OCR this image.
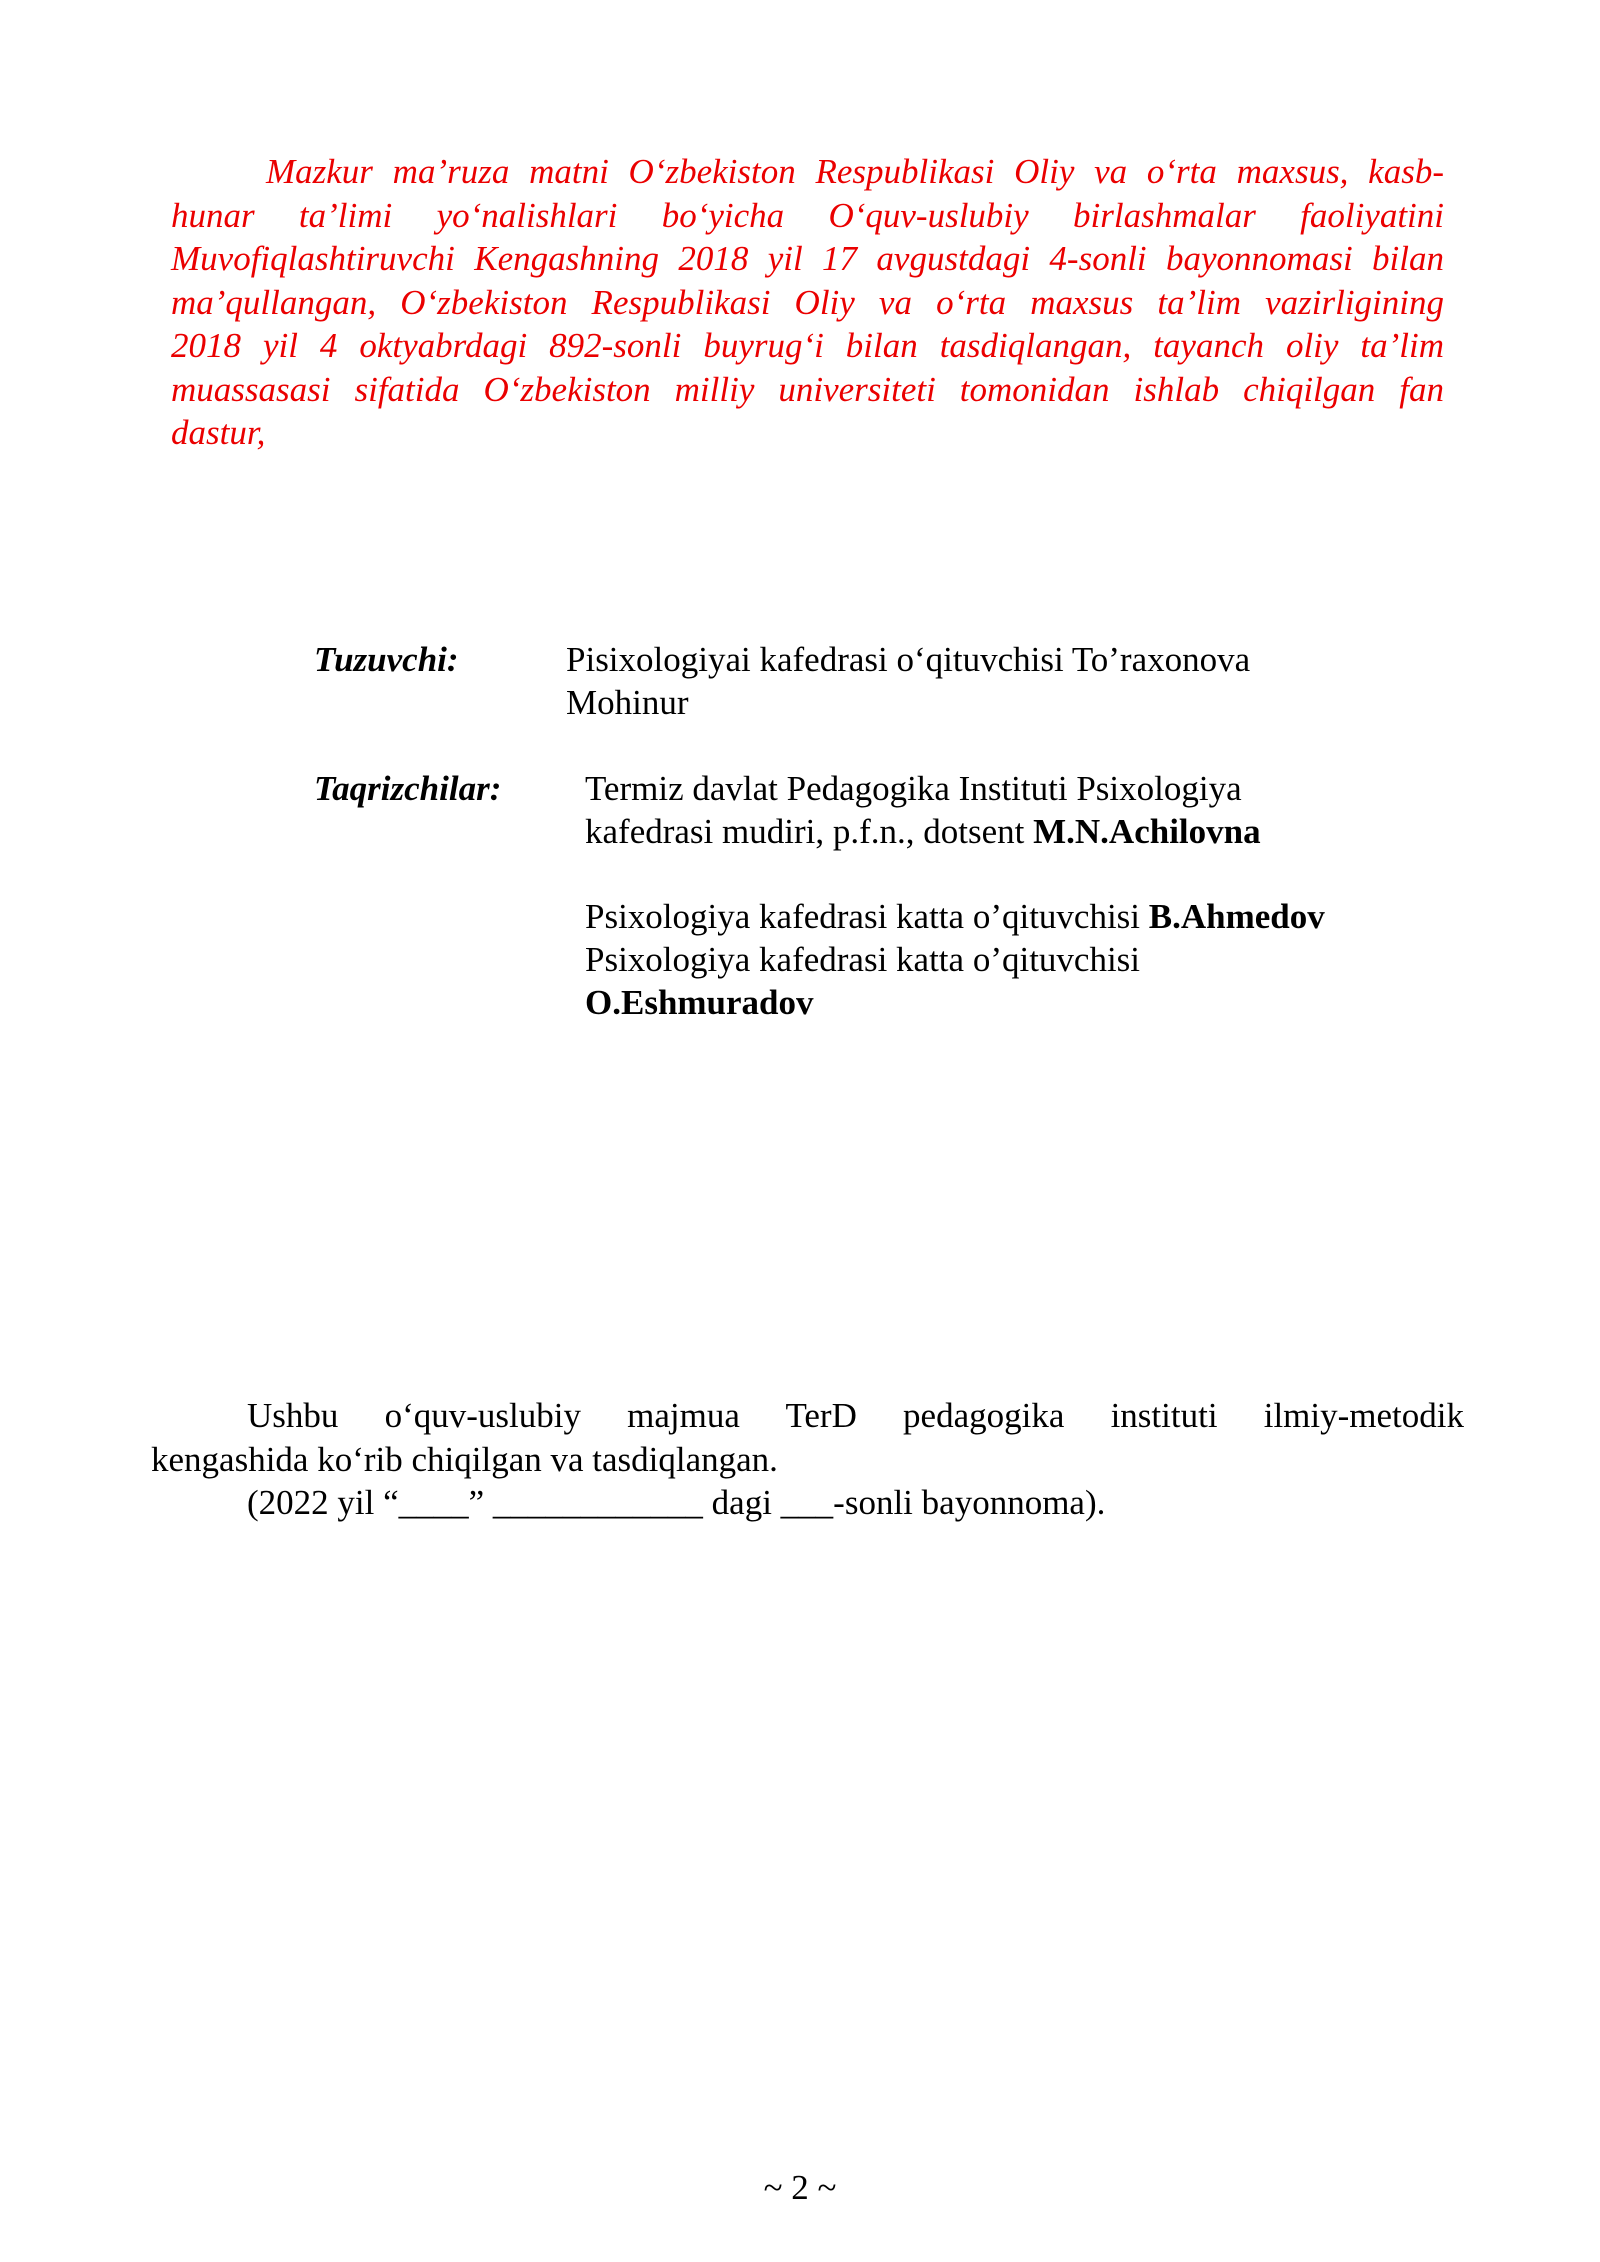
Mazkur ma’ruza matni O‘zbekiston Respublikasi Oliy va o‘rta maxsus, kasb-
hunar ta’limi yo‘nalishlari bo‘yicha O‘quv-uslubiy birlashmalar faoliyatini
Muvofiqlashtiruvchi Kengashning 2018 yil 17 avgustdagi 4-sonli bayonnomasi bilan
ma’qullangan, O‘zbekiston Respublikasi Oliy va o‘rta maxsus ta’lim vazirligining
2018 yil 4 oktyabrdagi 892-sonli buyrug‘i bilan tasdiqlangan, tayanch oliy ta’lim
muassasasi sifatida O‘zbekiston milliy universiteti tomonidan ishlab chiqilgan fan
dastur,

Tuzuvchi:	Pisixologiyai kafedrasi o‘qituvchisi To’raxonova
Mohinur

Taqrizchilar: Termiz davlat Pedagogika Instituti Psixologiya
kafedrasi mudiri, p.f.n., dotsent M.N.Achilovna

Psixologiya kafedrasi katta o’qituvchisi B.Ahmedov
Psixologiya kafedrasi katta o’qituvchisi
O.Eshmuradov

Ushbu o‘quv-uslubiy majmua TerD pedagogika instituti ilmiy-metodik
kengashida ko‘rib chiqilgan va tasdiqlangan.
(2022 yil “____” ____________ dagi ___-sonli bayonnoma).

~ 2 ~
